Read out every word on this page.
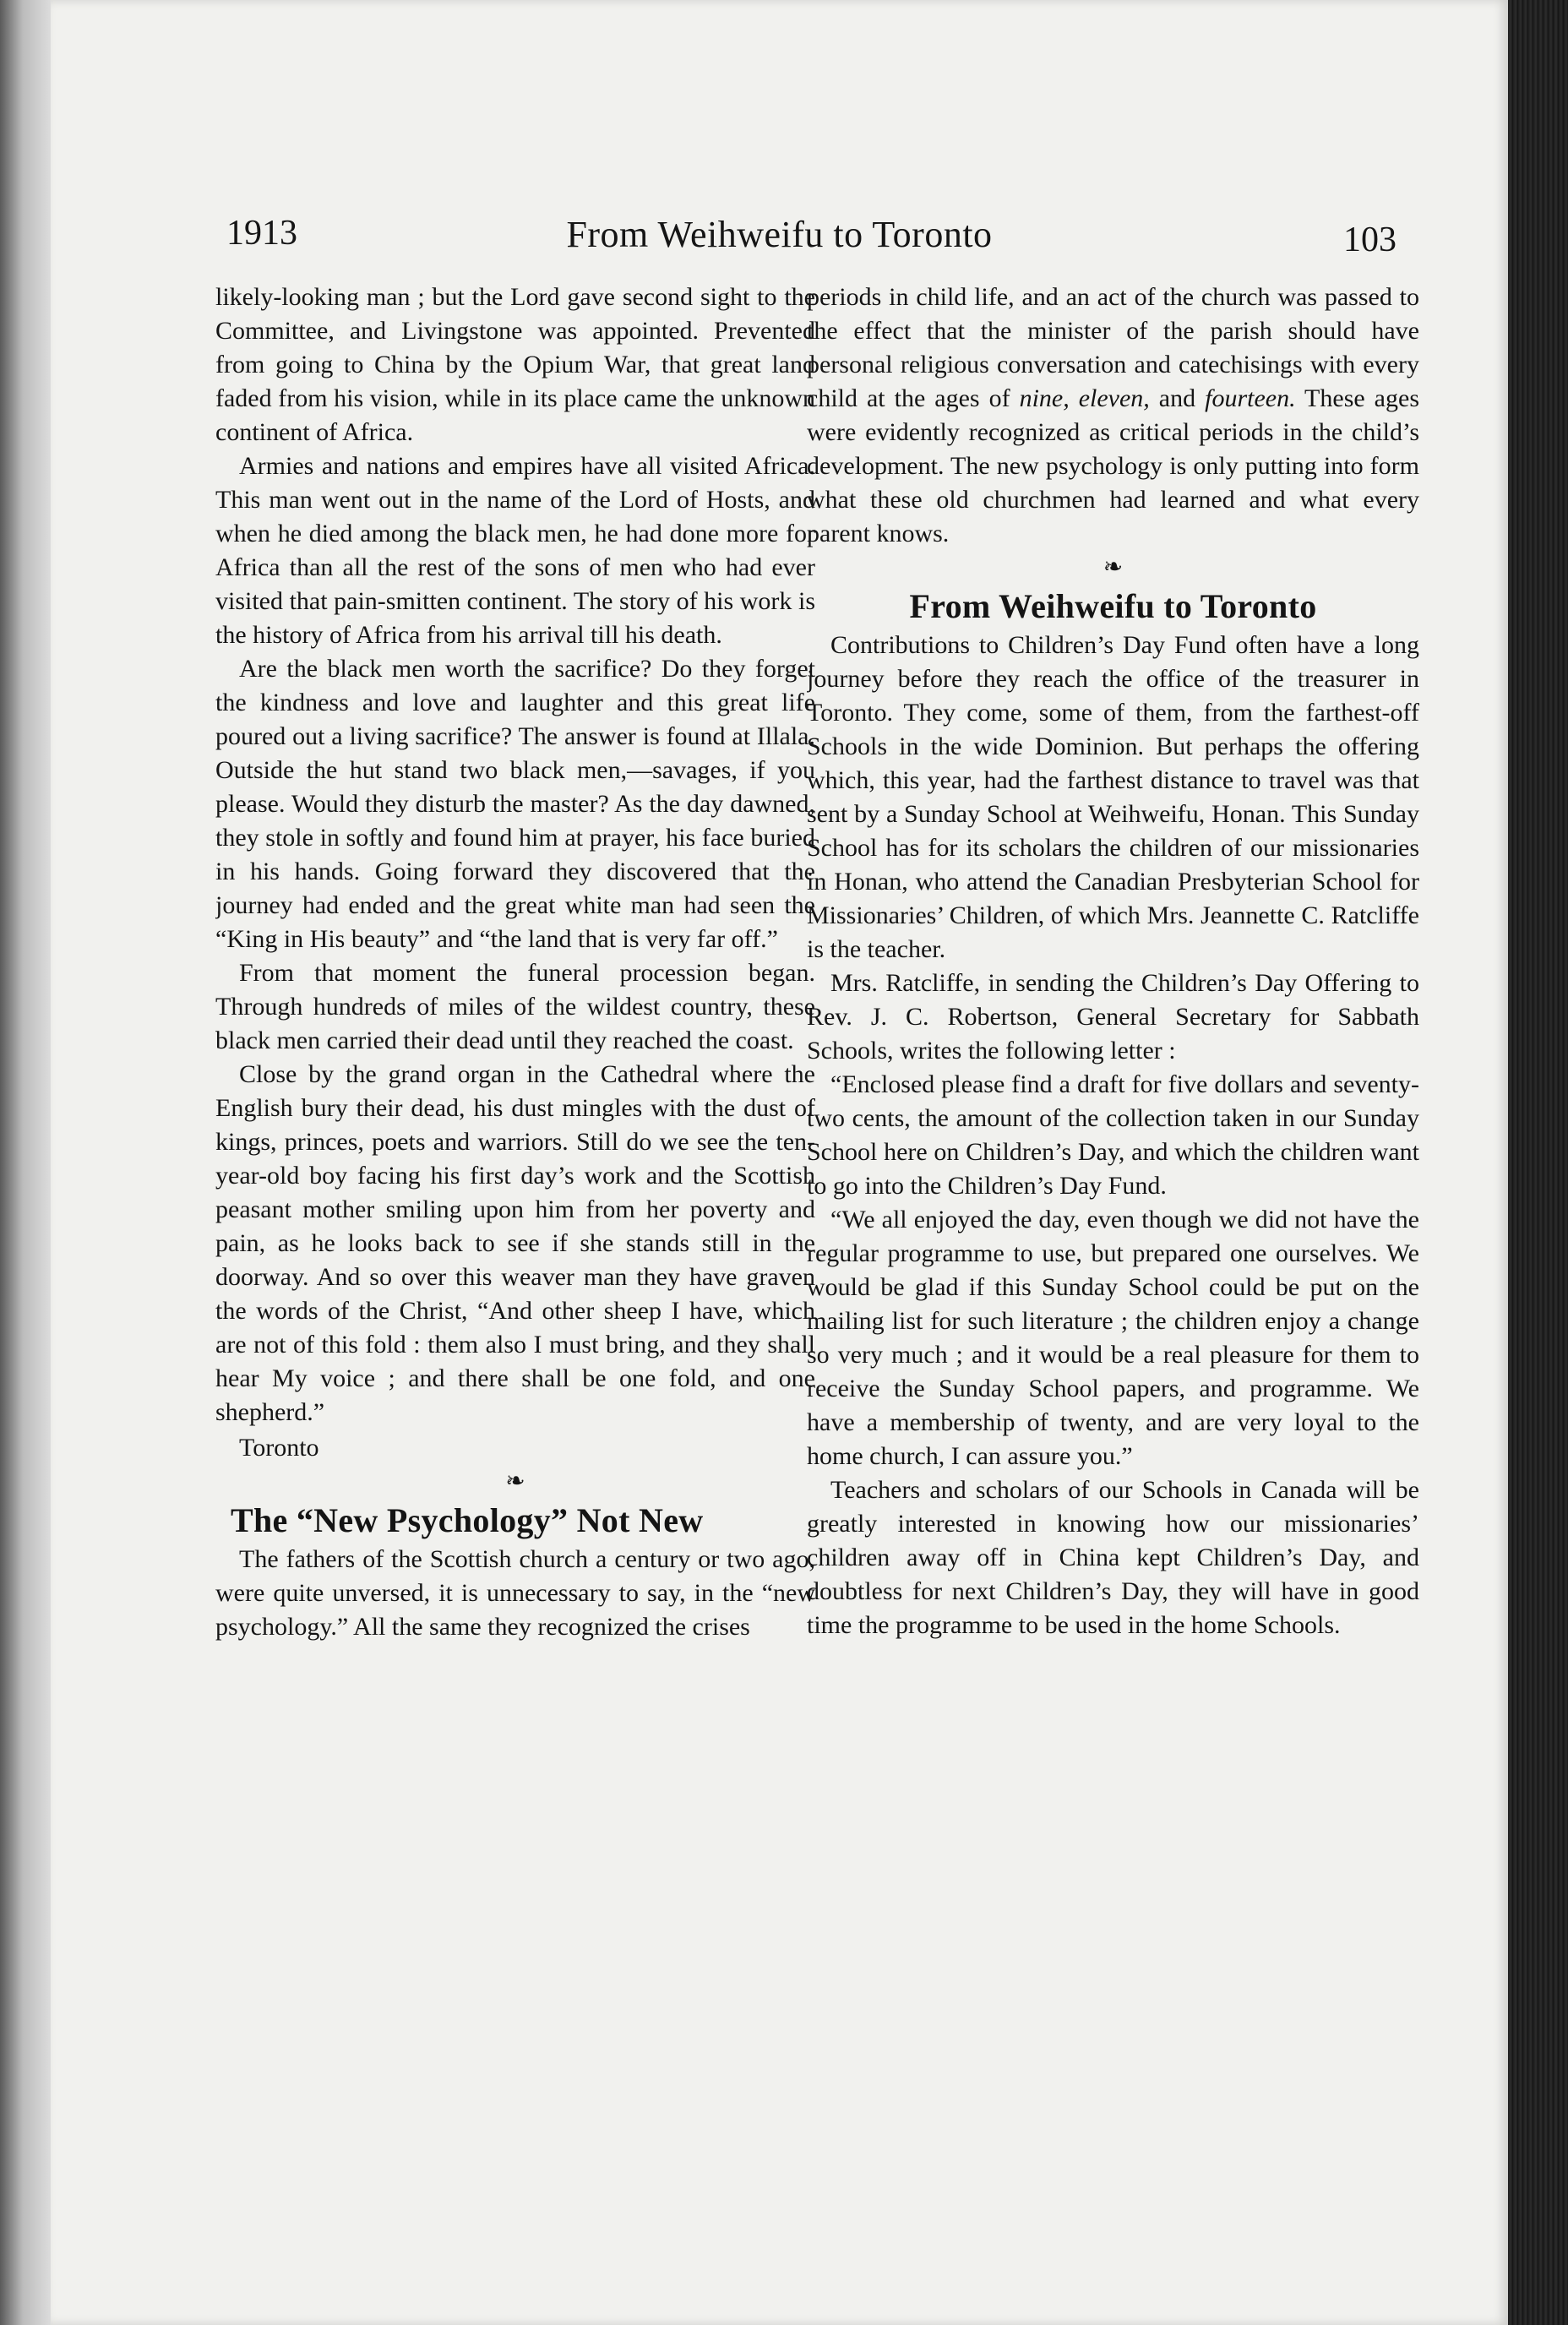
1913	From Weihweifu to Toronto	103

likely-looking man ; but the Lord gave second sight to the Committee, and Livingstone was appointed. Prevented from going to China by the Opium War, that great land faded from his vision, while in its place came the unknown continent of Africa.

Armies and nations and empires have all visited Africa. This man went out in the name of the Lord of Hosts, and when he died among the black men, he had done more for Africa than all the rest of the sons of men who had ever visited that pain-smitten continent. The story of his work is the history of Africa from his arrival till his death.

Are the black men worth the sacrifice? Do they forget the kindness and love and laughter and this great life poured out a living sacrifice? The answer is found at Illala. Outside the hut stand two black men,—savages, if you please. Would they disturb the master? As the day dawned, they stole in softly and found him at prayer, his face buried in his hands. Going forward they discovered that the journey had ended and the great white man had seen the “King in His beauty” and “the land that is very far off.”

From that moment the funeral procession began. Through hundreds of miles of the wildest country, these black men carried their dead until they reached the coast.

Close by the grand organ in the Cathedral where the English bury their dead, his dust mingles with the dust of kings, princes, poets and warriors. Still do we see the ten-year-old boy facing his first day’s work and the Scottish peasant mother smiling upon him from her poverty and pain, as he looks back to see if she stands still in the doorway. And so over this weaver man they have graven the words of the Christ, “And other sheep I have, which are not of this fold : them also I must bring, and they shall hear My voice ; and there shall be one fold, and one shepherd.”

Toronto

❧
The “New Psychology” Not New

The fathers of the Scottish church a century or two ago, were quite unversed, it is unnecessary to say, in the “new psychology.” All the same they recognized the crises

periods in child life, and an act of the church was passed to the effect that the minister of the parish should have personal religious conversation and catechisings with every child at the ages of nine, eleven, and fourteen. These ages were evidently recognized as critical periods in the child’s development. The new psychology is only putting into form what these old churchmen had learned and what every parent knows.

❧
From Weihweifu to Toronto

Contributions to Children’s Day Fund often have a long journey before they reach the office of the treasurer in Toronto. They come, some of them, from the farthest-off Schools in the wide Dominion. But perhaps the offering which, this year, had the farthest distance to travel was that sent by a Sunday School at Weihweifu, Honan. This Sunday School has for its scholars the children of our missionaries in Honan, who attend the Canadian Presbyterian School for Missionaries’ Children, of which Mrs. Jeannette C. Ratcliffe is the teacher.

Mrs. Ratcliffe, in sending the Children’s Day Offering to Rev. J. C. Robertson, General Secretary for Sabbath Schools, writes the following letter :

“Enclosed please find a draft for five dollars and seventy-two cents, the amount of the collection taken in our Sunday School here on Children’s Day, and which the children want to go into the Children’s Day Fund.

“We all enjoyed the day, even though we did not have the regular programme to use, but prepared one ourselves. We would be glad if this Sunday School could be put on the mailing list for such literature ; the children enjoy a change so very much ; and it would be a real pleasure for them to receive the Sunday School papers, and programme. We have a membership of twenty, and are very loyal to the home church, I can assure you.”

Teachers and scholars of our Schools in Canada will be greatly interested in knowing how our missionaries’ children away off in China kept Children’s Day, and doubtless for next Children’s Day, they will have in good time the programme to be used in the home Schools.
